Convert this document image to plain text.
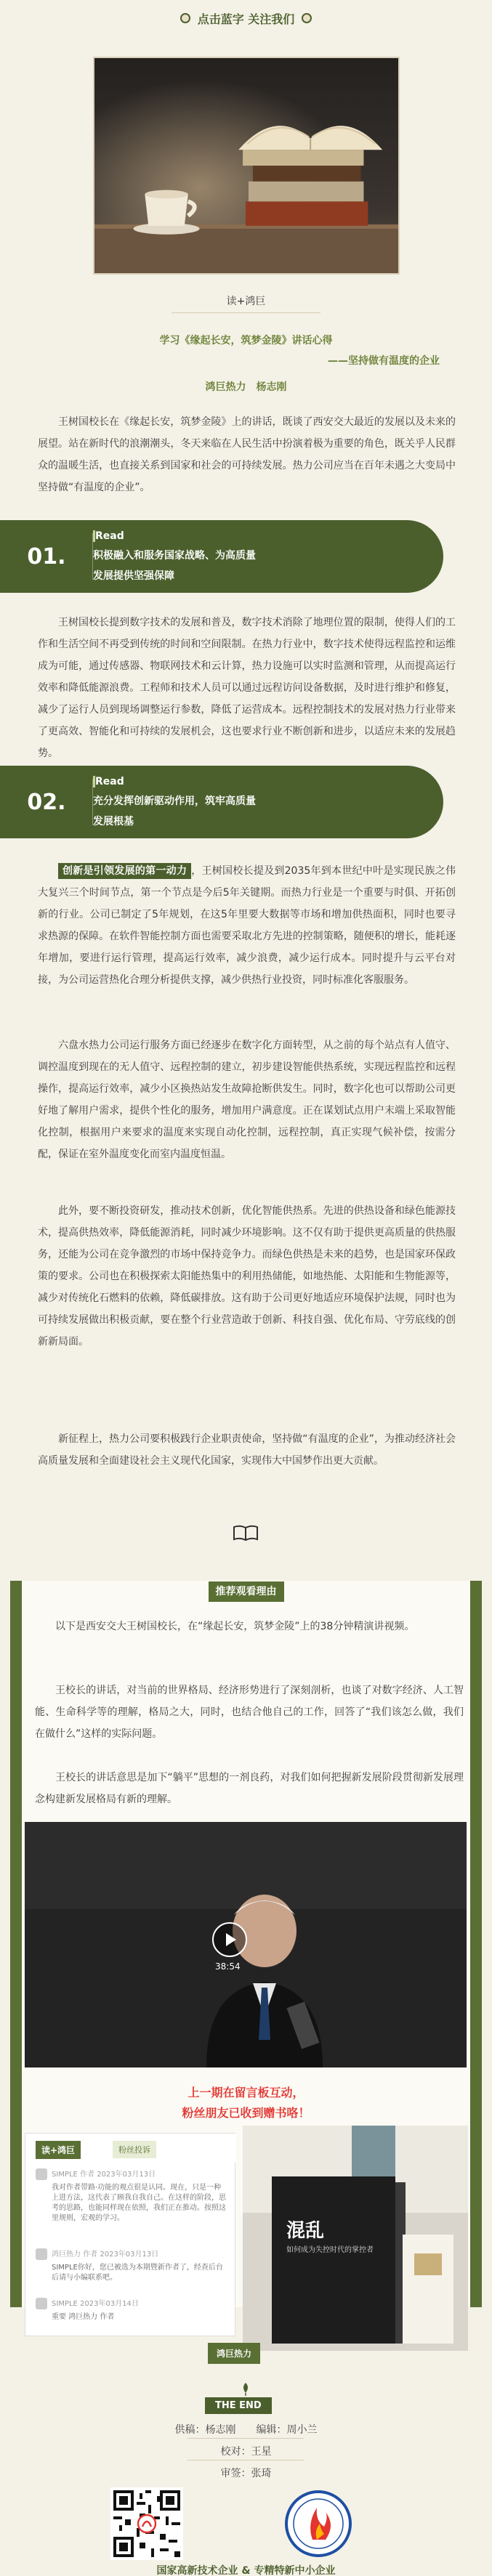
点击蓝字 关注我们
读+鸿巨
学习《缘起长安，筑梦金陵》讲话心得
——坚持做有温度的企业
鸿巨热力　杨志刚

王树国校长在《缘起长安，筑梦金陵》上的讲话，既谈了西安交大最近的发展以及未来的展望。站在新时代的浪潮潮头，冬天来临在人民生活中扮演着极为重要的角色，既关乎人民群众的温暖生活，也直接关系到国家和社会的可持续发展。热力公司应当在百年未遇之大变局中坚持做“有温度的企业”。

01.
Read
积极融入和服务国家战略、为高质量
发展提供坚强保障

王树国校长提到数字技术的发展和普及，数字技术消除了地理位置的限制，使得人们的工作和生活空间不再受到传统的时间和空间限制。在热力行业中，数字技术使得远程监控和运维成为可能，通过传感器、物联网技术和云计算，热力设施可以实时监测和管理，从而提高运行效率和降低能源浪费。工程师和技术人员可以通过远程访问设备数据，及时进行维护和修复，减少了运行人员到现场调整运行参数，降低了运营成本。远程控制技术的发展对热力行业带来了更高效、智能化和可持续的发展机会，这也要求行业不断创新和进步，以适应未来的发展趋势。

02.
Read
充分发挥创新驱动作用，筑牢高质量
发展根基

创新是引领发展的第一动力 ，王树国校长提及到2035年到本世纪中叶是实现民族之伟大复兴三个时间节点，第一个节点是今后5年关键期。而热力行业是一个重要与时俱、开拓创新的行业。公司已制定了5年规划，在这5年里要大数据等市场和增加供热面积，同时也要寻求热源的保障。在软件智能控制方面也需要采取北方先进的控制策略，随便积的增长，能耗逐年增加，要进行运行管理，提高运行效率，减少浪费，减少运行成本。同时提升与云平台对接，为公司运营热化合理分析提供支撑，减少供热行业投资，同时标准化客服服务。

六盘水热力公司运行服务方面已经逐步在数字化方面转型，从之前的每个站点有人值守、调控温度到现在的无人值守、远程控制的建立，初步建设智能供热系统，实现远程监控和远程操作，提高运行效率，减少小区换热站发生故障抢断供发生。同时，数字化也可以帮助公司更好地了解用户需求，提供个性化的服务，增加用户满意度。正在谋划试点用户末端上采取智能化控制，根据用户来要求的温度来实现自动化控制，远程控制，真正实现气候补偿，按需分配，保证在室外温度变化而室内温度恒温。

此外，要不断投资研发，推动技术创新，优化智能供热系。先进的供热设备和绿色能源技术，提高供热效率，降低能源消耗，同时减少环境影响。这不仅有助于提供更高质量的供热服务，还能为公司在竞争激烈的市场中保持竞争力。而绿色供热是未来的趋势，也是国家环保政策的要求。公司也在积极探索太阳能热集中的利用热储能，如地热能、太阳能和生物能源等，减少对传统化石燃料的依赖，降低碳排放。这有助于公司更好地适应环境保护法规，同时也为可持续发展做出积极贡献，要在整个行业营造敢于创新、科技自强、优化布局、守劳底线的创新新局面。

新征程上，热力公司要积极践行企业职责使命，坚持做“有温度的企业”，为推动经济社会高质量发展和全面建设社会主义现代化国家，实现伟大中国梦作出更大贡献。

推荐观看理由

以下是西安交大王树国校长，在“缘起长安，筑梦金陵”上的38分钟精演讲视频。

王校长的讲话，对当前的世界格局、经济形势进行了深刻剖析，也谈了对数字经济、人工智能、生命科学等的理解，格局之大，同时，也结合他自己的工作，回答了“我们该怎么做，我们在做什么”这样的实际问题。

王校长的讲话意思是加下“躺平”思想的一剂良药，对我们如何把握新发展阶段贯彻新发展理念构建新发展格局有新的理解。

38:54
上一期在留言板互动，
粉丝朋友已收到赠书咯！
读+鸿巨	粉丝投诉
SIMPLE 作者 2023年03月13日
我对作者带路·功能的观点很是认同。现在，只是一种上进方法，这代表了顾我自我自己。在这样的阶段，思考的思路，也能同样现在依照，我们正在推动。按照这里规则，宏观的学习。
鸿巨热力 作者 2023年03月13日
SIMPLE你好，您已被选为本期暨新作者了，经查后台后请与小编联系吧。
SIMPLE 2023年03月14日
重要 鸿巨热力 作者
混乱
如何成为失控时代的掌控者
鸿巨热力
THE END
供稿：杨志刚　　编辑：周小兰
校对：王星
审签：张琦
国家高新技术企业 & 专精特新中小企业
